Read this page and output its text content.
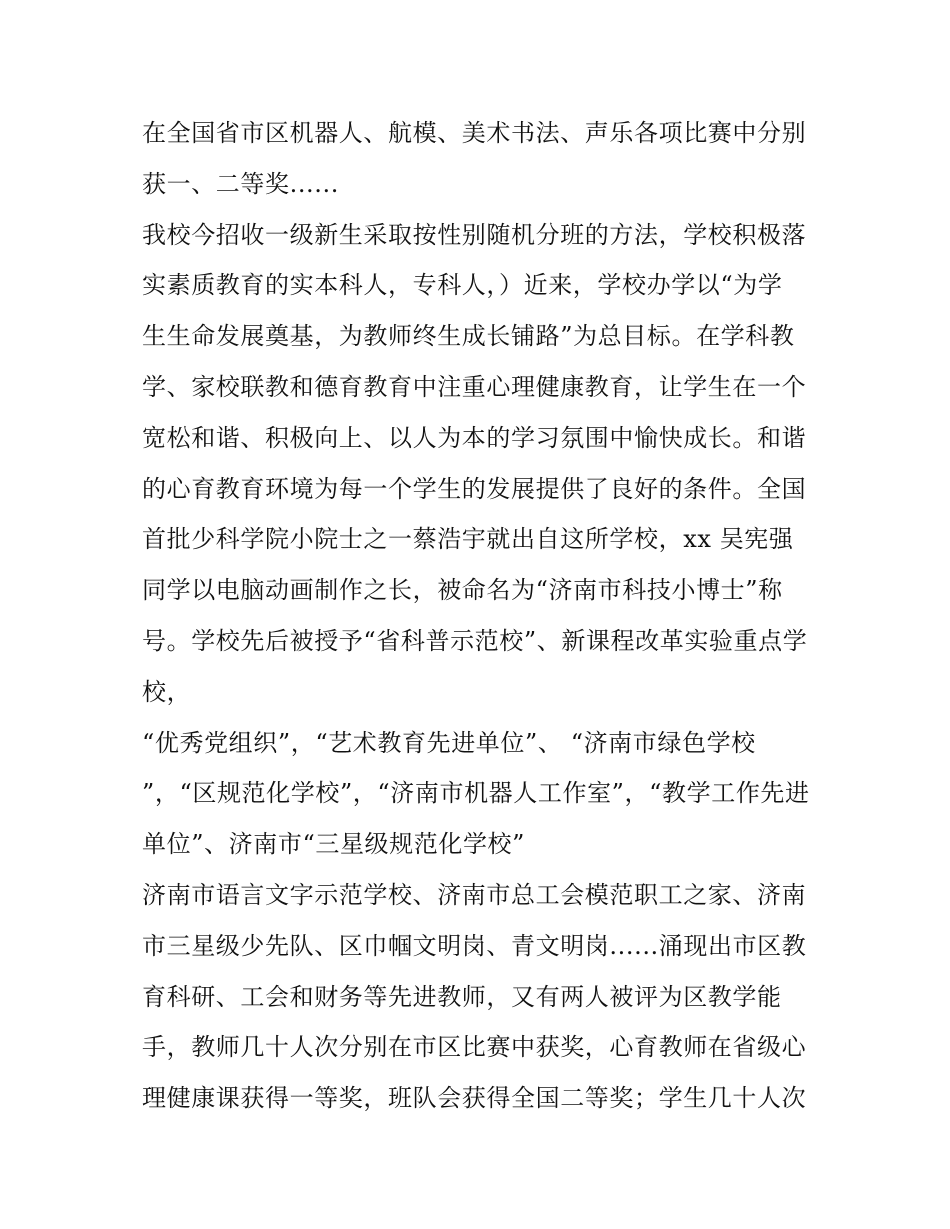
在全国省市区机器人、航模、美术书法、声乐各项比赛中分别
获一、二等奖......
我校今招收一级新生采取按性别随机分班的方法，学校积极落
实素质教育的实本科人，专科人，）近来，学校办学以“为学
生生命发展奠基，为教师终生成长铺路”为总目标。在学科教
学、家校联教和德育教育中注重心理健康教育，让学生在一个
宽松和谐、积极向上、以人为本的学习氛围中愉快成长。和谐
的心育教育环境为每一个学生的发展提供了良好的条件。全国
首批少科学院小院士之一蔡浩宇就出自这所学校，xx 吴宪强
同学以电脑动画制作之长，被命名为“济南市科技小博士”称
号。学校先后被授予“省科普示范校”、新课程改革实验重点学
校，
“优秀党组织”，“艺术教育先进单位”、 “济南市绿色学校
”，“区规范化学校”，“济南市机器人工作室”，“教学工作先进
单位”、济南市“三星级规范化学校”
济南市语言文字示范学校、济南市总工会模范职工之家、济南
市三星级少先队、区巾帼文明岗、青文明岗......涌现出市区教
育科研、工会和财务等先进教师，又有两人被评为区教学能
手，教师几十人次分别在市区比赛中获奖，心育教师在省级心
理健康课获得一等奖，班队会获得全国二等奖；学生几十人次
